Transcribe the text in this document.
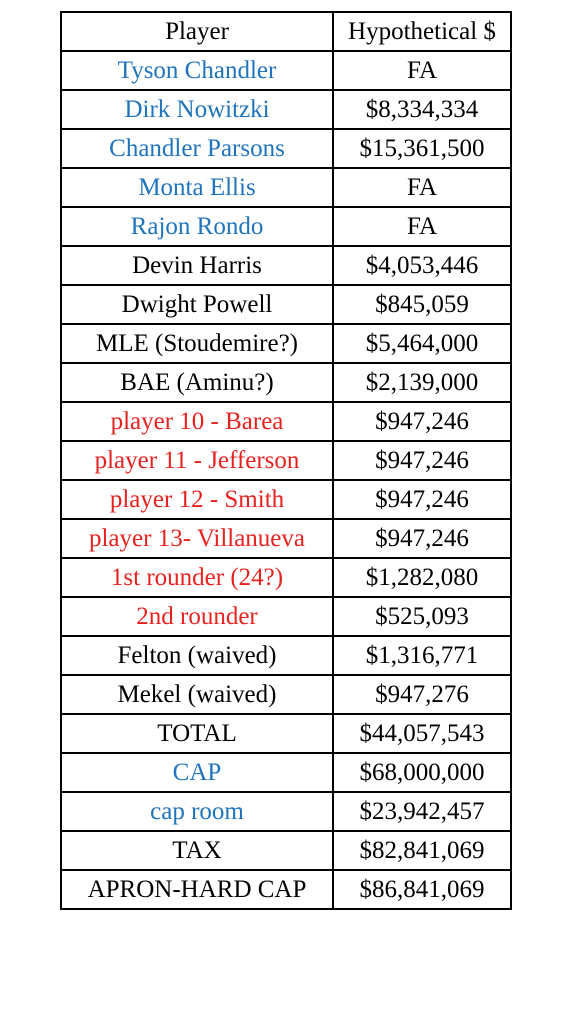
Player	Hypothetical $
Tyson Chandler	FA
Dirk Nowitzki	$8,334,334
Chandler Parsons	$15,361,500
Monta Ellis	FA
Rajon Rondo	FA
Devin Harris	$4,053,446
Dwight Powell	$845,059
MLE (Stoudemire?)	$5,464,000
BAE (Aminu?)	$2,139,000
player 10 - Barea	$947,246
player 11 - Jefferson	$947,246
player 12 - Smith	$947,246
player 13- Villanueva	$947,246
1st rounder (24?)	$1,282,080
2nd rounder	$525,093
Felton (waived)	$1,316,771
Mekel (waived)	$947,276
TOTAL	$44,057,543
CAP	$68,000,000
cap room	$23,942,457
TAX	$82,841,069
APRON-HARD CAP	$86,841,069
